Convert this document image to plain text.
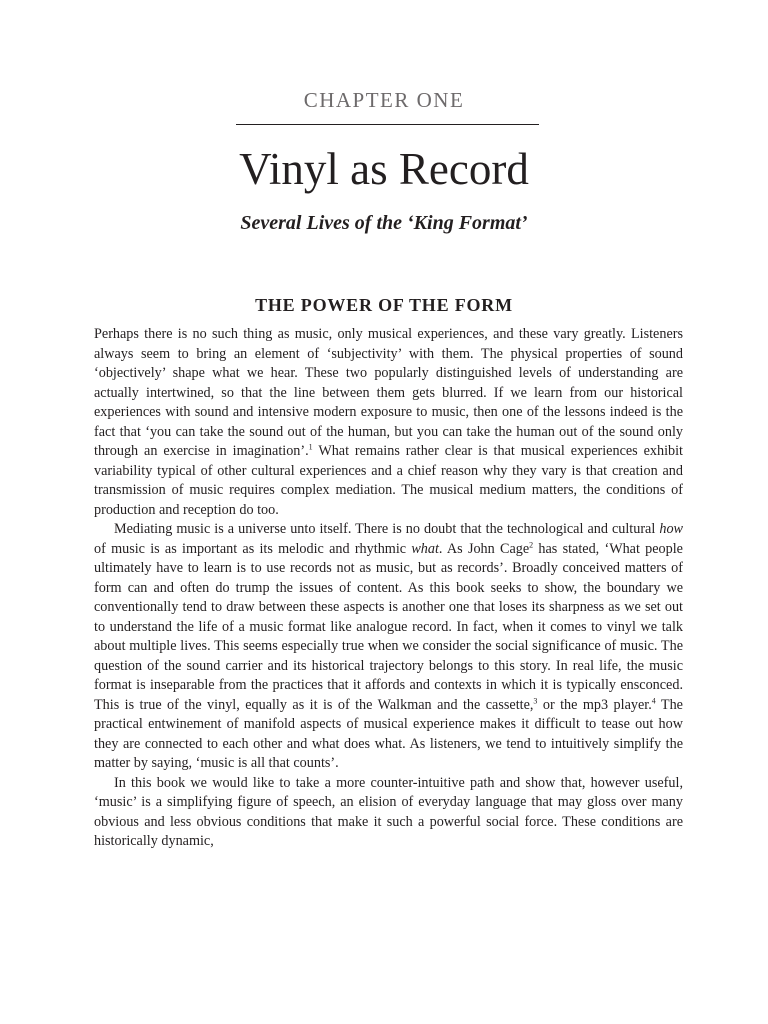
CHAPTER ONE
Vinyl as Record
Several Lives of the ‘King Format’
THE POWER OF THE FORM

Perhaps there is no such thing as music, only musical experiences, and these vary greatly. Listeners always seem to bring an element of ‘subjectivity’ with them. The physical properties of sound ‘objectively’ shape what we hear. These two popularly distinguished levels of understanding are actually intertwined, so that the line between them gets blurred. If we learn from our historical experiences with sound and intensive modern exposure to music, then one of the lessons indeed is the fact that ‘you can take the sound out of the human, but you can take the human out of the sound only through an exercise in imagination’.$^1$ What remains rather clear is that musical experiences exhibit variability typical of other cultural experiences and a chief reason why they vary is that creation and transmission of music requires complex mediation. The musical medium matters, the conditions of production and reception do too.

Mediating music is a universe unto itself. There is no doubt that the technological and cultural how of music is as important as its melodic and rhythmic what. As John Cage$^2$ has stated, ‘What people ultimately have to learn is to use records not as music, but as records’. Broadly conceived matters of form can and often do trump the issues of content. As this book seeks to show, the boundary we conventionally tend to draw between these aspects is another one that loses its sharpness as we set out to understand the life of a music format like analogue record. In fact, when it comes to vinyl we talk about multiple lives. This seems especially true when we consider the social significance of music. The question of the sound carrier and its historical trajectory belongs to this story. In real life, the music format is inseparable from the practices that it affords and contexts in which it is typically ensconced. This is true of the vinyl, equally as it is of the Walkman and the cassette,$^3$ or the mp3 player.$^4$ The practical entwinement of manifold aspects of musical experience makes it difficult to tease out how they are connected to each other and what does what. As listeners, we tend to intuitively simplify the matter by saying, ‘music is all that counts’.

In this book we would like to take a more counter-intuitive path and show that, however useful, ‘music’ is a simplifying figure of speech, an elision of everyday language that may gloss over many obvious and less obvious conditions that make it such a powerful social force. These conditions are historically dynamic,
